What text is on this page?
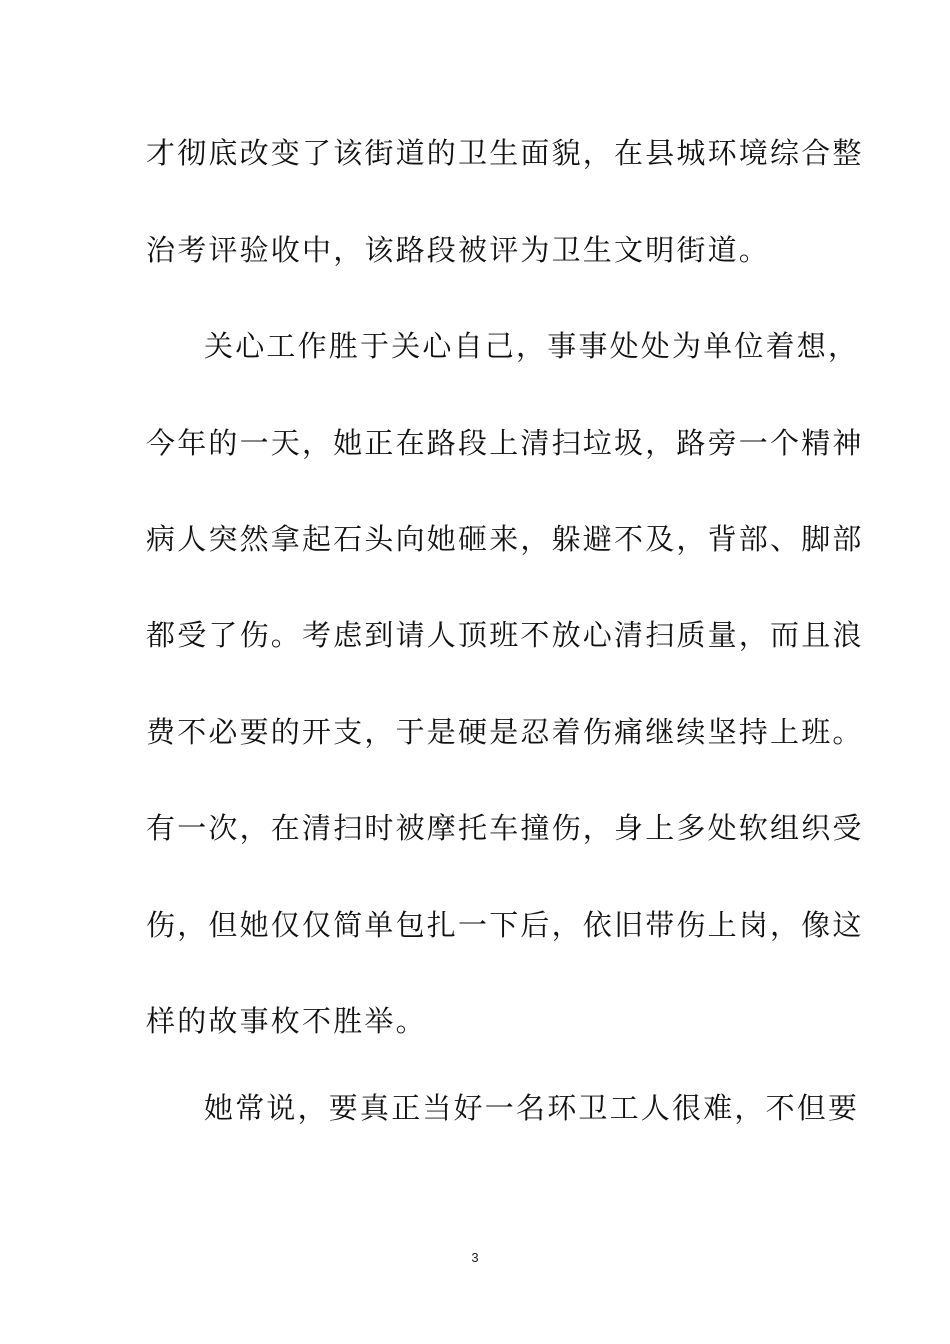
才彻底改变了该街道的卫生面貌，在县城环境综合整
治考评验收中，该路段被评为卫生文明街道。
关心工作胜于关心自己，事事处处为单位着想，
今年的一天，她正在路段上清扫垃圾，路旁一个精神
病人突然拿起石头向她砸来，躲避不及，背部、脚部
都受了伤。考虑到请人顶班不放心清扫质量，而且浪
费不必要的开支，于是硬是忍着伤痛继续坚持上班。
有一次，在清扫时被摩托车撞伤，身上多处软组织受
伤，但她仅仅简单包扎一下后，依旧带伤上岗，像这
样的故事枚不胜举。
她常说，要真正当好一名环卫工人很难，不但要
3
